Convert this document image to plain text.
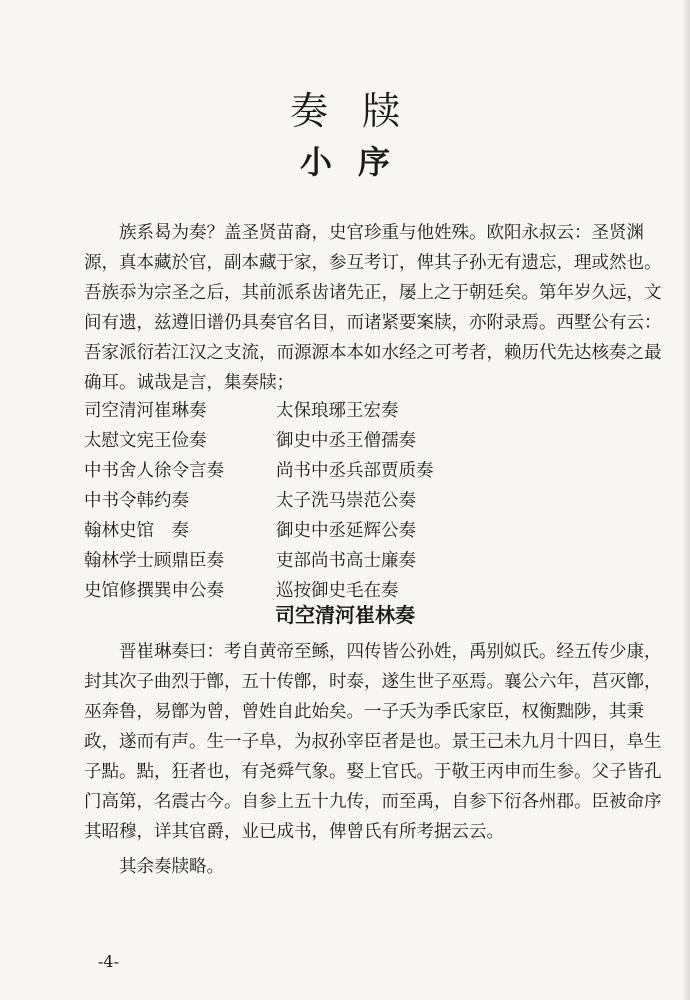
奏牍
小序

族系曷为奏？盖圣贤苗裔，史官珍重与他姓殊。欧阳永叔云：圣贤渊源，真本藏於官，副本藏于家，参互考订，俾其子孙无有遗忘，理或然也。吾族忝为宗圣之后，其前派系齿诸先正，屡上之于朝廷矣。第年岁久远，文间有遗，兹遵旧谱仍具奏官名目，而诸紧要案牍，亦附录焉。西墅公有云：吾家派衍若江汉之支流，而源源本本如水经之可考者，赖历代先达核奏之最确耳。诚哉是言，集奏牍；

司空清河崔琳奏	太保琅琊王宏奏
太慰文宪王俭奏	御史中丞王僧孺奏
中书舍人徐令言奏	尚书中丞兵部贾质奏
中书令韩约奏	太子洗马崇范公奏
翰林史馆　奏	御史中丞延辉公奏
翰林学士顾鼎臣奏	吏部尚书高士廉奏
史馆修撰巽申公奏	巡按御史毛在奏
司空清河崔林奏

晋崔琳奏曰：考自黄帝至鲧，四传皆公孙姓，禹别姒氏。经五传少康，封其次子曲烈于鄫，五十传鄫，时泰，遂生世子巫焉。襄公六年，莒灭鄫，巫奔鲁，易鄫为曾，曾姓自此始矣。一子夭为季氏家臣，权衡黜陟，其秉政，遂而有声。生一子阜，为叔孙宰臣者是也。景王己未九月十四日，阜生子點。點，狂者也，有尧舜气象。娶上官氏。于敬王丙申而生参。父子皆孔门高第，名震古今。自参上五十九传，而至禹，自参下衍各州郡。臣被命序其昭穆，详其官爵，业已成书，俾曾氏有所考据云云。

其余奏牍略。

-4-
